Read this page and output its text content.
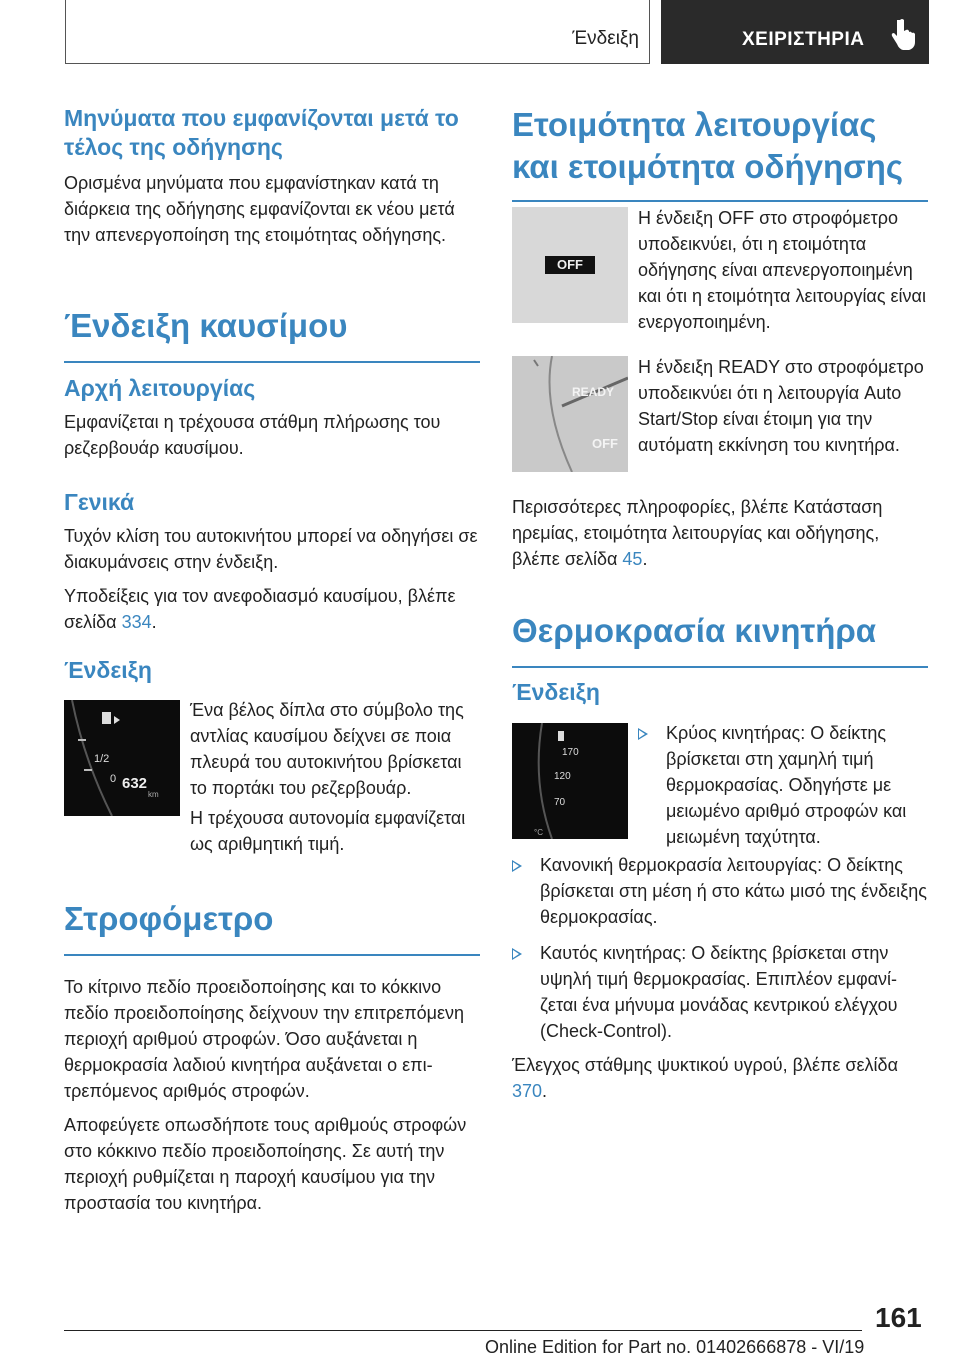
Ένδειξη	ΧΕΙΡΙΣΤΗΡΙΑ
Μηνύματα που εμφανίζονται μετά το τέλος της οδήγησης

Ορισμένα μηνύματα που εμφανίστηκαν κατά τη διάρκεια της οδήγησης εμφανίζονται εκ νέου μετά την απενεργοποίηση της ετοιμότητας οδήγησης.

Ένδειξη καυσίμου
Αρχή λειτουργίας

Εμφανίζεται η τρέχουσα στάθμη πλήρωσης του ρεζερβουάρ καυσίμου.

Γενικά

Τυχόν κλίση του αυτοκινήτου μπορεί να οδηγήσει σε διακυμάνσεις στην ένδειξη.

Υποδείξεις για τον ανεφοδιασμό καυσίμου, βλέπε σελίδα 334.

Ένδειξη
1/2
0 632
km

Ένα βέλος δίπλα στο σύμβολο της αντλίας καυσίμου δείχνει σε ποια πλευρά του αυτοκινήτου βρίσκεται το πορτάκι του ρεζερβουάρ.

Η τρέχουσα αυτονομία εμφανίζεται ως αριθμητική τιμή.

Στροφόμετρο

Το κίτρινο πεδίο προειδοποίησης και το κόκκινο πεδίο προειδοποίησης δείχνουν την επιτρεπόμενη περιοχή αριθμού στροφών. Όσο αυξάνεται η θερμοκρασία λαδιού κινητήρα αυξάνεται ο επιτρεπόμενος αριθμός στροφών.

Αποφεύγετε οπωσδήποτε τους αριθμούς στροφών στο κόκκινο πεδίο προειδοποίησης. Σε αυτή την περιοχή ρυθμίζεται η παροχή καυσίμου για την προστασία του κινητήρα.

Ετοιμότητα λειτουργίας και ετοιμότητα οδήγησης
OFF

Η ένδειξη OFF στο στροφόμετρο υποδεικνύει, ότι η ετοιμότητα οδήγησης είναι απενεργοποιημένη και ότι η ετοιμότητα λειτουργίας είναι ενεργοποιημένη.

READY
OFF

Η ένδειξη READY στο στροφόμετρο υποδεικνύει ότι η λειτουργία Auto Start/Stop είναι έτοιμη για την αυτόματη εκκίνηση του κινητήρα.

Περισσότερες πληροφορίες, βλέπε Κατάσταση ηρεμίας, ετοιμότητα λειτουργίας και οδήγησης, βλέπε σελίδα 45.

Θερμοκρασία κινητήρα
Ένδειξη
170
120
70
°C

Κρύος κινητήρας: Ο δείκτης βρίσκεται στη χαμηλή τιμή θερμοκρασίας. Οδηγήστε με μειωμένο αριθμό στροφών και μειωμένη ταχύτητα.

Κανονική θερμοκρασία λειτουργίας: Ο δείκτης βρίσκεται στη μέση ή στο κάτω μισό της ένδειξης θερμοκρασίας.

Καυτός κινητήρας: Ο δείκτης βρίσκεται στην υψηλή τιμή θερμοκρασίας. Επιπλέον εμφανίζεται ένα μήνυμα μονάδας κεντρικού ελέγχου (Check-Control).

Έλεγχος στάθμης ψυκτικού υγρού, βλέπε σελίδα 370.

161
Online Edition for Part no. 01402666878 - VI/19
